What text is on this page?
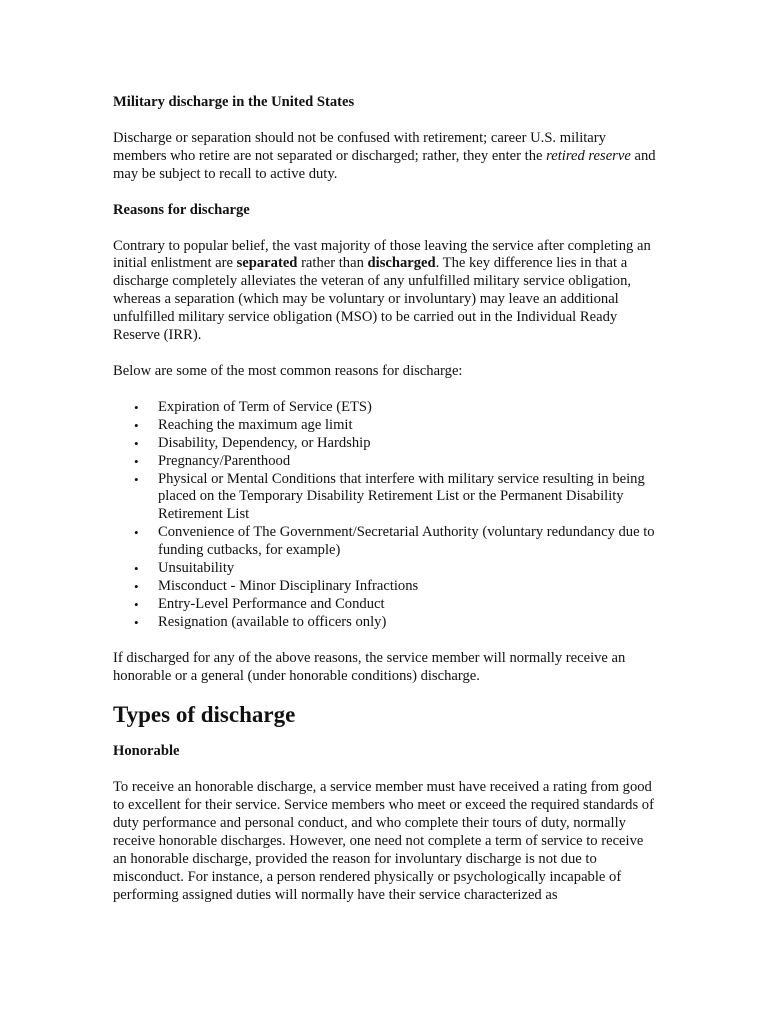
Military discharge in the United States

Discharge or separation should not be confused with retirement; career U.S. military members who retire are not separated or discharged; rather, they enter the retired reserve and may be subject to recall to active duty.

Reasons for discharge

Contrary to popular belief, the vast majority of those leaving the service after completing an initial enlistment are separated rather than discharged. The key difference lies in that a discharge completely alleviates the veteran of any unfulfilled military service obligation, whereas a separation (which may be voluntary or involuntary) may leave an additional unfulfilled military service obligation (MSO) to be carried out in the Individual Ready Reserve (IRR).

Below are some of the most common reasons for discharge:

• Expiration of Term of Service (ETS)
• Reaching the maximum age limit
• Disability, Dependency, or Hardship
• Pregnancy/Parenthood
• Physical or Mental Conditions that interfere with military service resulting in being placed on the Temporary Disability Retirement List or the Permanent Disability Retirement List
• Convenience of The Government/Secretarial Authority (voluntary redundancy due to funding cutbacks, for example)
• Unsuitability
• Misconduct - Minor Disciplinary Infractions
• Entry-Level Performance and Conduct
• Resignation (available to officers only)

If discharged for any of the above reasons, the service member will normally receive an honorable or a general (under honorable conditions) discharge.

Types of discharge

Honorable

To receive an honorable discharge, a service member must have received a rating from good to excellent for their service. Service members who meet or exceed the required standards of duty performance and personal conduct, and who complete their tours of duty, normally receive honorable discharges. However, one need not complete a term of service to receive an honorable discharge, provided the reason for involuntary discharge is not due to misconduct. For instance, a person rendered physically or psychologically incapable of performing assigned duties will normally have their service characterized as
